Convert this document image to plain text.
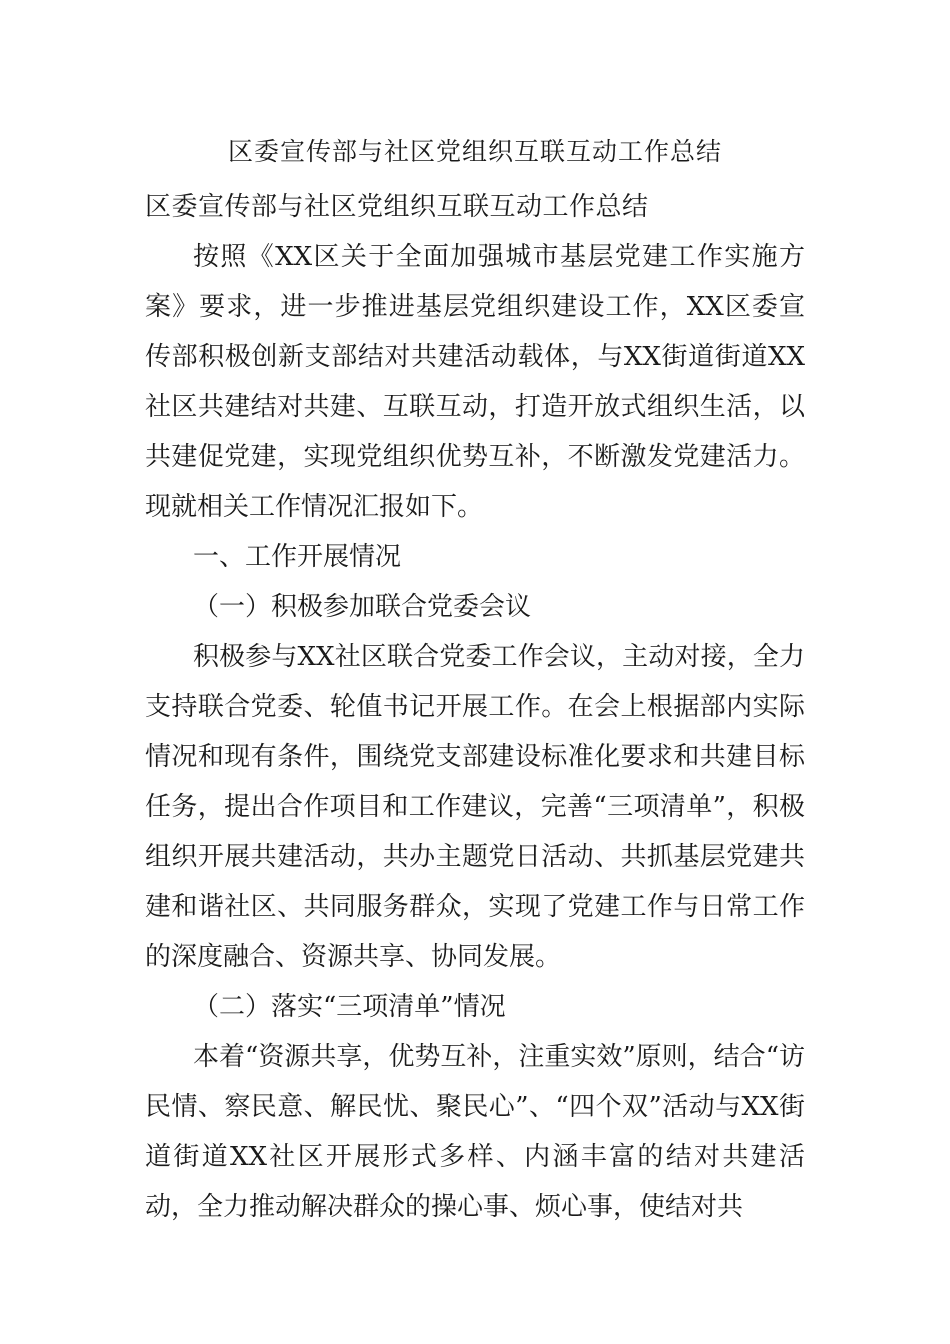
区委宣传部与社区党组织互联互动工作总结

区委宣传部与社区党组织互联互动工作总结

按照《XX区关于全面加强城市基层党建工作实施方案》要求，进一步推进基层党组织建设工作，XX区委宣传部积极创新支部结对共建活动载体，与XX街道街道XX社区共建结对共建、互联互动，打造开放式组织生活，以共建促党建，实现党组织优势互补，不断激发党建活力。现就相关工作情况汇报如下。

一、工作开展情况

（一）积极参加联合党委会议

积极参与XX社区联合党委工作会议，主动对接，全力支持联合党委、轮值书记开展工作。在会上根据部内实际情况和现有条件，围绕党支部建设标准化要求和共建目标任务，提出合作项目和工作建议，完善“三项清单”，积极组织开展共建活动，共办主题党日活动、共抓基层党建共建和谐社区、共同服务群众，实现了党建工作与日常工作的深度融合、资源共享、协同发展。

（二）落实“三项清单”情况

本着“资源共享，优势互补，注重实效”原则，结合“访民情、察民意、解民忧、聚民心”、“四个双”活动与XX街道街道XX社区开展形式多样、内涵丰富的结对共建活动，全力推动解决群众的操心事、烦心事，使结对共
